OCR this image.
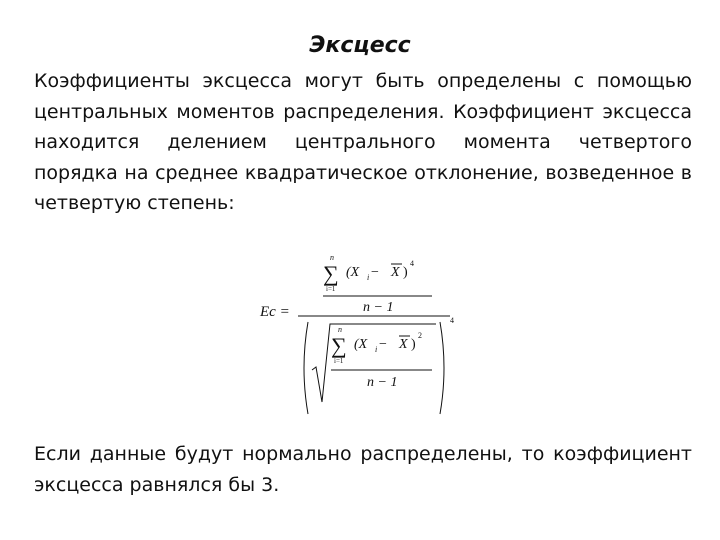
Эксцесс

Коэффициенты эксцесса могут быть определены с помощью центральных моментов распределения. Коэффициент эксцесса находится делением центрального момента четвертого порядка на среднее квадратическое отклонение, возведенное в четвертую степень:

Ec =
n
∑
i=1
(X i − X )
4
n − 1
4
n
∑
i=1
(X i − X )
2
n − 1

Если данные будут нормально распределены, то коэффициент эксцесса равнялся бы 3.
